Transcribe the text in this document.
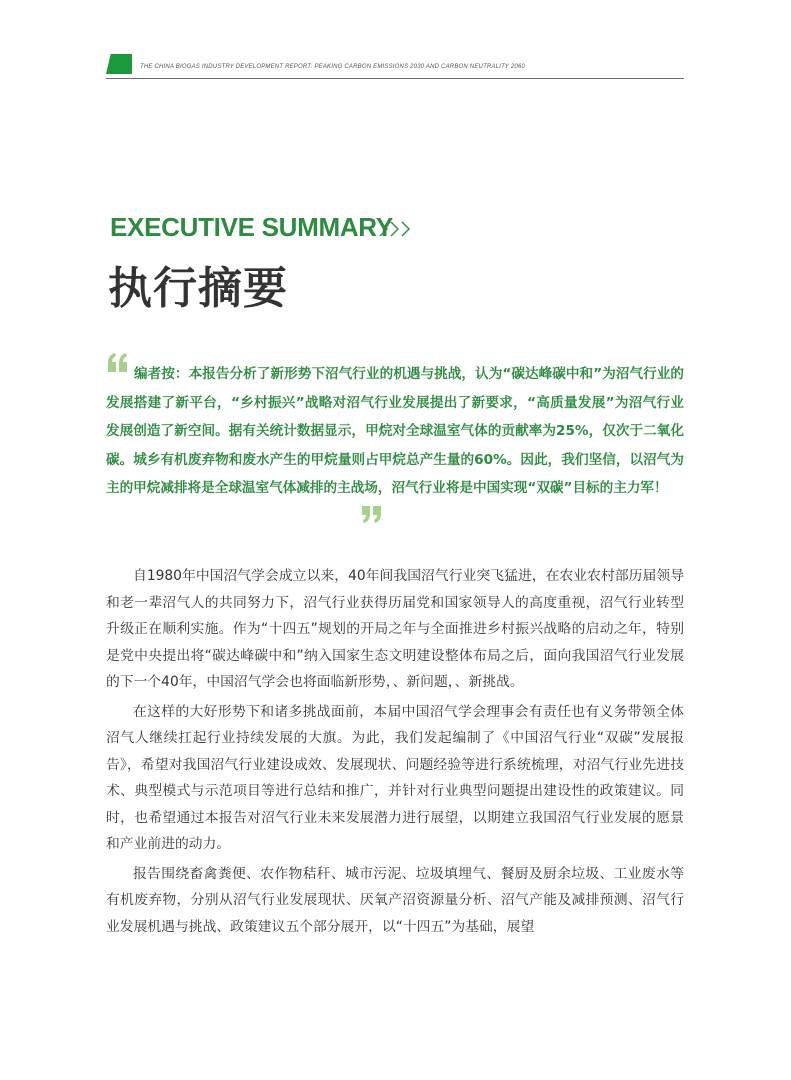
THE CHINA BIOGAS INDUSTRY DEVELOPMENT REPORT: PEAKING CARBON EMISSIONS 2030 AND CARBON NEUTRALITY 2060
EXECUTIVE SUMMARY
执行摘要

编者按：本报告分析了新形势下沼气行业的机遇与挑战，认为“碳达峰碳中和”为沼气行业的发展搭建了新平台，“乡村振兴”战略对沼气行业发展提出了新要求，“高质量发展”为沼气行业发展创造了新空间。据有关统计数据显示，甲烷对全球温室气体的贡献率为25%，仅次于二氧化碳。城乡有机废弃物和废水产生的甲烷量则占甲烷总产生量的60%。因此，我们坚信，以沼气为主的甲烷减排将是全球温室气体减排的主战场，沼气行业将是中国实现“双碳”目标的主力军！

自1980年中国沼气学会成立以来，40年间我国沼气行业突飞猛进，在农业农村部历届领导和老一辈沼气人的共同努力下，沼气行业获得历届党和国家领导人的高度重视，沼气行业转型升级正在顺利实施。作为“十四五”规划的开局之年与全面推进乡村振兴战略的启动之年，特别是党中央提出将“碳达峰碳中和”纳入国家生态文明建设整体布局之后，面向我国沼气行业发展的下一个40年，中国沼气学会也将面临新形势，、新问题，、新挑战。

在这样的大好形势下和诸多挑战面前，本届中国沼气学会理事会有责任也有义务带领全体沼气人继续扛起行业持续发展的大旗。为此，我们发起编制了《中国沼气行业“双碳”发展报告》，希望对我国沼气行业建设成效、发展现状、问题经验等进行系统梳理，对沼气行业先进技术、典型模式与示范项目等进行总结和推广，并针对行业典型问题提出建设性的政策建议。同时，也希望通过本报告对沼气行业未来发展潜力进行展望，以期建立我国沼气行业发展的愿景和产业前进的动力。

报告围绕畜禽粪便、农作物秸秆、城市污泥、垃圾填埋气、餐厨及厨余垃圾、工业废水等有机废弃物，分别从沼气行业发展现状、厌氧产沼资源量分析、沼气产能及减排预测、沼气行业发展机遇与挑战、政策建议五个部分展开，以“十四五”为基础，展望
